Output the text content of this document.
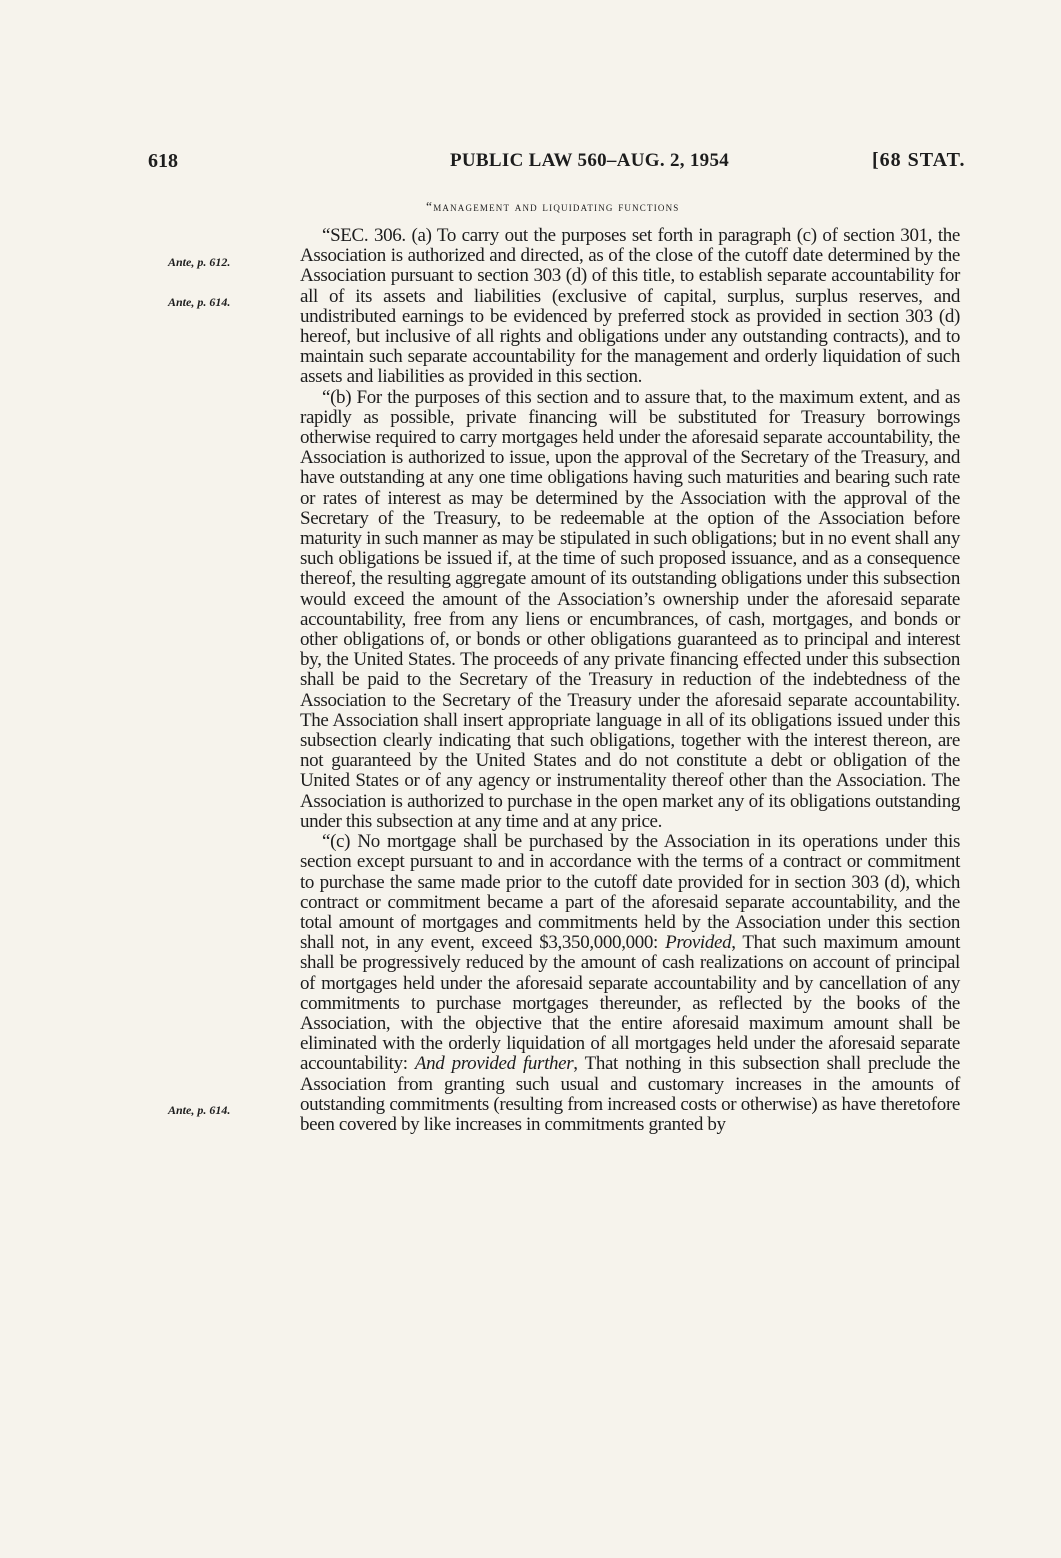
618	PUBLIC LAW 560–AUG. 2, 1954	[68 STAT.
“management and liquidating functions
Ante, p. 612.
Ante, p. 614.
Ante, p. 614.

“SEC. 306. (a) To carry out the purposes set forth in paragraph (c) of section 301, the Association is authorized and directed, as of the close of the cutoff date determined by the Association pursuant to section 303 (d) of this title, to establish separate accountability for all of its assets and liabilities (exclusive of capital, surplus, surplus reserves, and undistributed earnings to be evidenced by preferred stock as provided in section 303 (d) hereof, but inclusive of all rights and obligations under any outstanding contracts), and to maintain such separate accountability for the management and orderly liquidation of such assets and liabilities as provided in this section.

“(b) For the purposes of this section and to assure that, to the maximum extent, and as rapidly as possible, private financing will be substituted for Treasury borrowings otherwise required to carry mortgages held under the aforesaid separate accountability, the Association is authorized to issue, upon the approval of the Secretary of the Treasury, and have outstanding at any one time obligations having such maturities and bearing such rate or rates of interest as may be determined by the Association with the approval of the Secretary of the Treasury, to be redeemable at the option of the Association before maturity in such manner as may be stipulated in such obligations; but in no event shall any such obligations be issued if, at the time of such proposed issuance, and as a consequence thereof, the resulting aggregate amount of its outstanding obligations under this subsection would exceed the amount of the Association’s ownership under the aforesaid separate accountability, free from any liens or encumbrances, of cash, mortgages, and bonds or other obligations of, or bonds or other obligations guaranteed as to principal and interest by, the United States. The proceeds of any private financing effected under this subsection shall be paid to the Secretary of the Treasury in reduction of the indebtedness of the Association to the Secretary of the Treasury under the aforesaid separate accountability. The Association shall insert appropriate language in all of its obligations issued under this subsection clearly indicating that such obligations, together with the interest thereon, are not guaranteed by the United States and do not constitute a debt or obligation of the United States or of any agency or instrumentality thereof other than the Association. The Association is authorized to purchase in the open market any of its obligations outstanding under this subsection at any time and at any price.

“(c) No mortgage shall be purchased by the Association in its operations under this section except pursuant to and in accordance with the terms of a contract or commitment to purchase the same made prior to the cutoff date provided for in section 303 (d), which contract or commitment became a part of the aforesaid separate accountability, and the total amount of mortgages and commitments held by the Association under this section shall not, in any event, exceed $3,350,000,000: Provided, That such maximum amount shall be progressively reduced by the amount of cash realizations on account of principal of mortgages held under the aforesaid separate accountability and by cancellation of any commitments to purchase mortgages thereunder, as reflected by the books of the Association, with the objective that the entire aforesaid maximum amount shall be eliminated with the orderly liquidation of all mortgages held under the aforesaid separate accountability: And provided further, That nothing in this subsection shall preclude the Association from granting such usual and customary increases in the amounts of outstanding commitments (resulting from increased costs or otherwise) as have theretofore been covered by like increases in commitments granted by
